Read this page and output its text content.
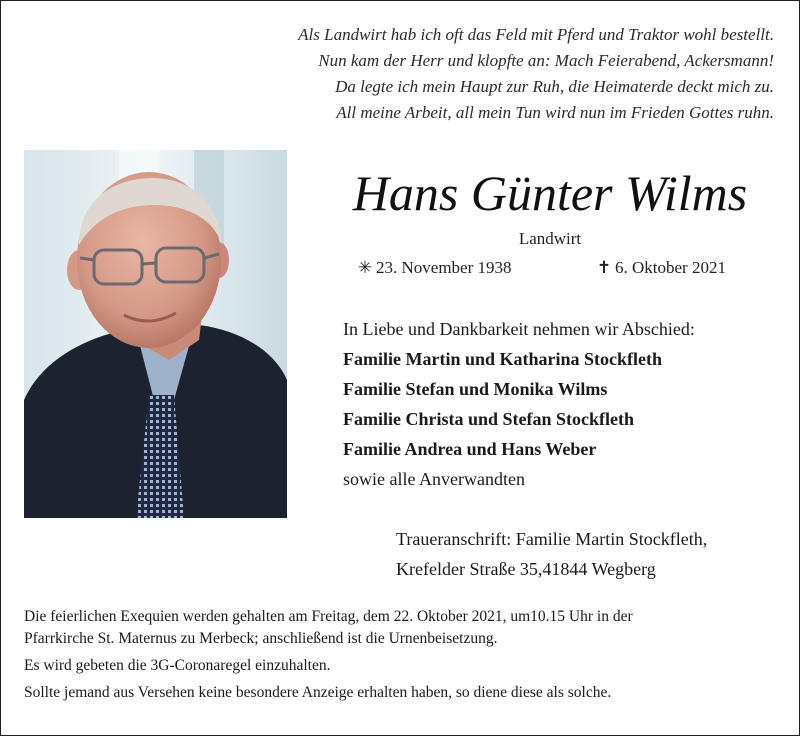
Als Landwirt hab ich oft das Feld mit Pferd und Traktor wohl bestellt.
Nun kam der Herr und klopfte an: Mach Feierabend, Ackersmann!
Da legte ich mein Haupt zur Ruh, die Heimaterde deckt mich zu.
All meine Arbeit, all mein Tun wird nun im Frieden Gottes ruhn.
Hans Günter Wilms
Landwirt
✳ 23. November 1938	✝ 6. Oktober 2021
In Liebe und Dankbarkeit nehmen wir Abschied:
Familie Martin und Katharina Stockfleth
Familie Stefan und Monika Wilms
Familie Christa und Stefan Stockfleth
Familie Andrea und Hans Weber
sowie alle Anverwandten
Traueranschrift: Familie Martin Stockfleth,
Krefelder Straße 35,41844 Wegberg

Die feierlichen Exequien werden gehalten am Freitag, dem 22. Oktober 2021, um10.15 Uhr in der
Pfarrkirche St. Maternus zu Merbeck; anschließend ist die Urnenbeisetzung.

Es wird gebeten die 3G-Coronaregel einzuhalten.

Sollte jemand aus Versehen keine besondere Anzeige erhalten haben, so diene diese als solche.
